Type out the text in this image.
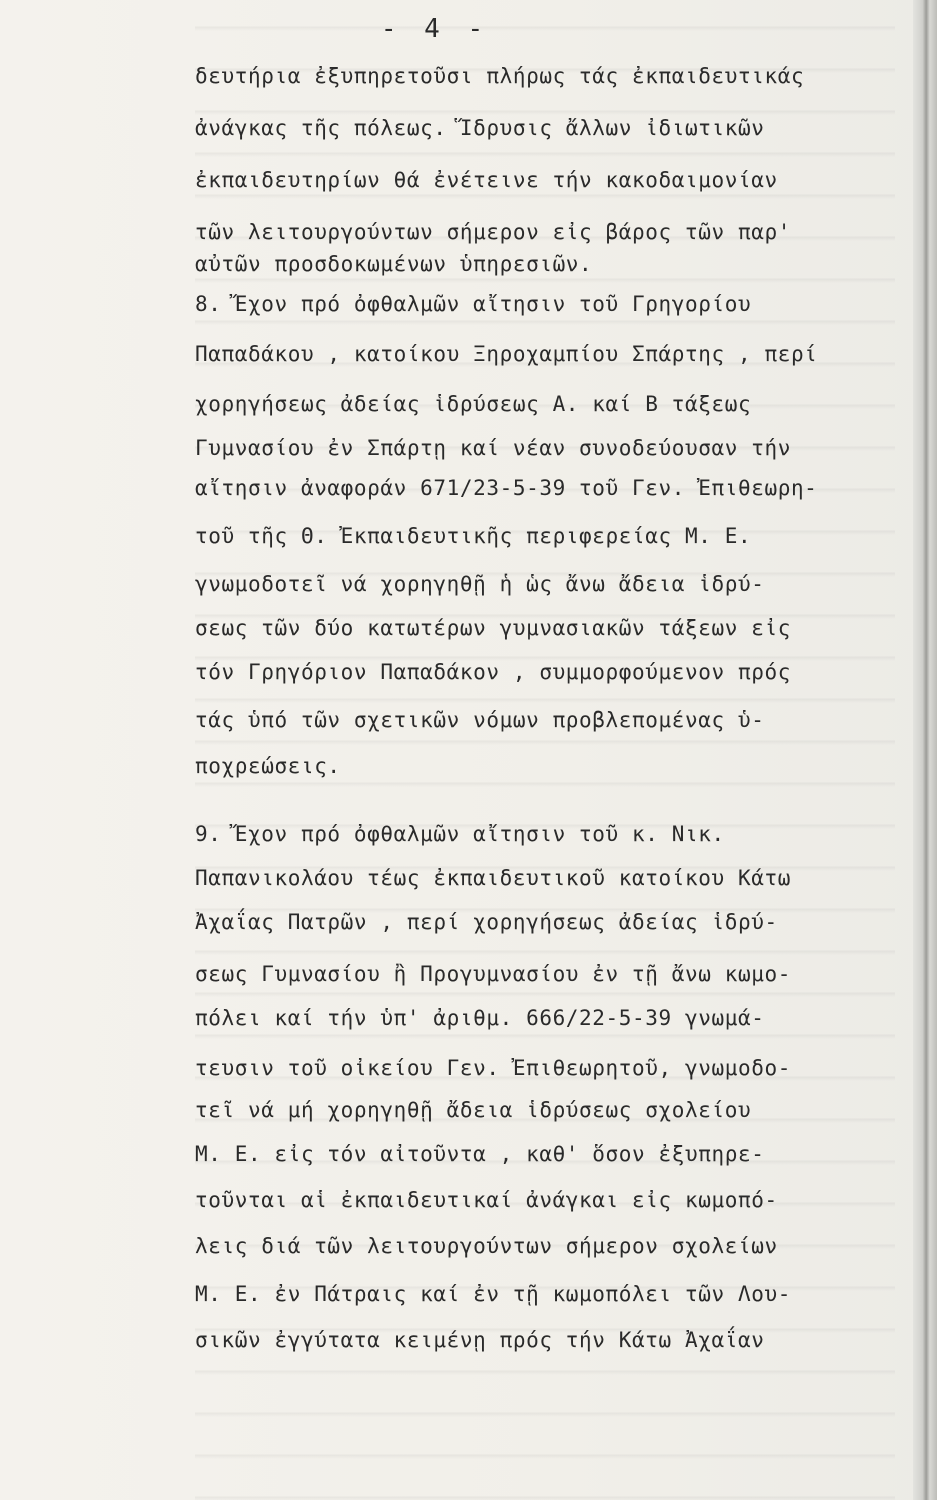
- 4 -
δευτήρια ἐξυπηρετοῦσι πλήρως τάς ἐκπαιδευτικάς
ἀνάγκας τῆς πόλεως. Ἵδρυσις ἄλλων ἰδιωτικῶν
ἐκπαιδευτηρίων θά ἐνέτεινε τήν κακοδαιμονίαν
τῶν λειτουργούντων σήμερον εἰς βάρος τῶν παρ'
αὐτῶν προσδοκωμένων ὑπηρεσιῶν.
8. Ἔχον πρό ὀφθαλμῶν αἴτησιν τοῦ Γρηγορίου
Παπαδάκου , κατοίκου Ξηροχαμπίου Σπάρτης , περί
χορηγήσεως ἀδείας ἱδρύσεως Α. καί Β τάξεως
Γυμνασίου ἐν Σπάρτῃ καί νέαν συνοδεύουσαν τήν
αἴτησιν ἀναφοράν 671/23-5-39 τοῦ Γεν. Ἐπιθεωρη-
τοῦ τῆς Θ. Ἐκπαιδευτικῆς περιφερείας Μ. Ε.
γνωμοδοτεῖ νά χορηγηθῇ ἡ ὡς ἄνω ἄδεια ἱδρύ-
σεως τῶν δύο κατωτέρων γυμνασιακῶν τάξεων εἰς
τόν Γρηγόριον Παπαδάκον , συμμορφούμενον πρός
τάς ὑπό τῶν σχετικῶν νόμων προβλεπομένας ὑ-
ποχρεώσεις.
9. Ἔχον πρό ὀφθαλμῶν αἴτησιν τοῦ κ. Νικ.
Παπανικολάου τέως ἐκπαιδευτικοῦ κατοίκου Κάτω
Ἀχαΐας Πατρῶν , περί χορηγήσεως ἀδείας ἱδρύ-
σεως Γυμνασίου ἢ Προγυμνασίου ἐν τῇ ἄνω κωμο-
πόλει καί τήν ὑπ' ἀριθμ. 666/22-5-39 γνωμά-
τευσιν τοῦ οἰκείου Γεν. Ἐπιθεωρητοῦ, γνωμοδο-
τεῖ νά μή χορηγηθῇ ἄδεια ἱδρύσεως σχολείου
Μ. Ε. εἰς τόν αἰτοῦντα , καθ' ὅσον ἐξυπηρε-
τοῦνται αἱ ἐκπαιδευτικαί ἀνάγκαι εἰς κωμοπό-
λεις διά τῶν λειτουργούντων σήμερον σχολείων
Μ. Ε. ἐν Πάτραις καί ἐν τῇ κωμοπόλει τῶν Λου-
σικῶν ἐγγύτατα κειμένῃ πρός τήν Κάτω Ἀχαΐαν
